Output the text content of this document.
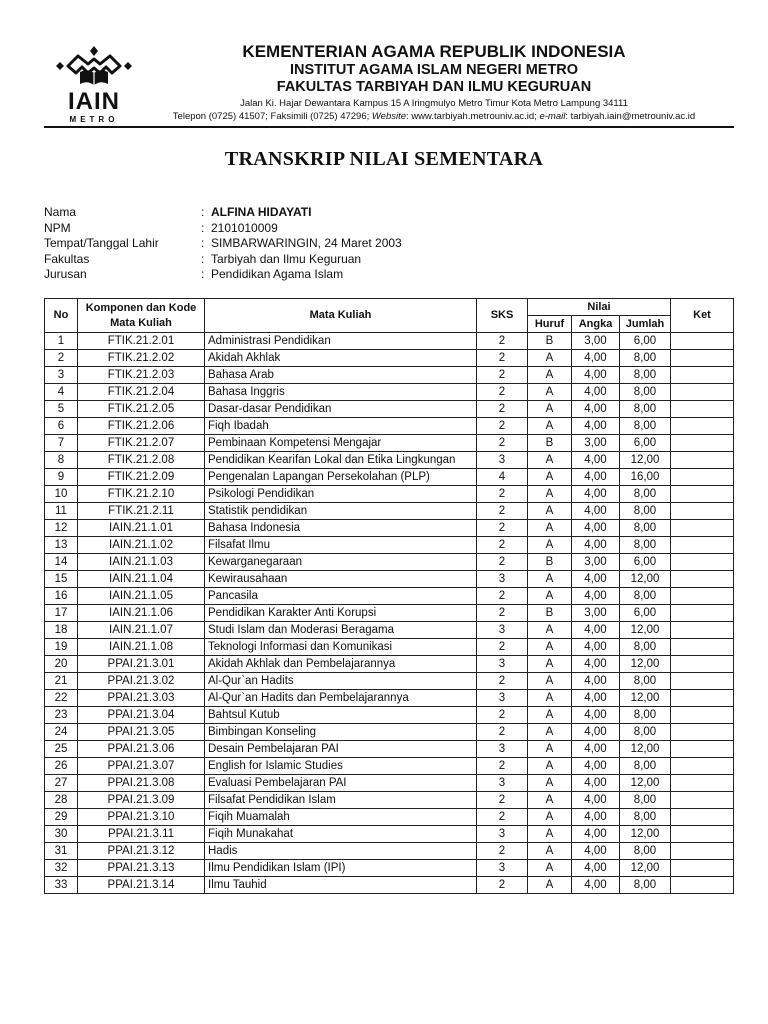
IAIN
METRO
KEMENTERIAN AGAMA REPUBLIK INDONESIA
INSTITUT AGAMA ISLAM NEGERI METRO
FAKULTAS TARBIYAH DAN ILMU KEGURUAN
Jalan Ki. Hajar Dewantara Kampus 15 A Iringmulyo Metro Timur Kota Metro Lampung 34111
Telepon (0725) 41507; Faksimili (0725) 47296; Website: www.tarbiyah.metrouniv.ac.id; e-mail: tarbiyah.iain@metrouniv.ac.id
TRANSKRIP NILAI SEMENTARA
Nama	: ALFINA HIDAYATI
NPM	: 2101010009
Tempat/Tanggal Lahir	: SIMBARWARINGIN, 24 Maret 2003
Fakultas	: Tarbiyah dan Ilmu Keguruan
Jurusan	: Pendidikan Agama Islam
No	Komponen dan Kode Mata Kuliah	Mata Kuliah	SKS	Nilai			Ket
				Huruf	Angka	Jumlah	
1	FTIK.21.2.01	Administrasi Pendidikan	2	B	3,00	6,00	
2	FTIK.21.2.02	Akidah Akhlak	2	A	4,00	8,00	
3	FTIK.21.2.03	Bahasa Arab	2	A	4,00	8,00	
4	FTIK.21.2.04	Bahasa Inggris	2	A	4,00	8,00	
5	FTIK.21.2.05	Dasar-dasar Pendidikan	2	A	4,00	8,00	
6	FTIK.21.2.06	Fiqh Ibadah	2	A	4,00	8,00	
7	FTIK.21.2.07	Pembinaan Kompetensi Mengajar	2	B	3,00	6,00	
8	FTIK.21.2.08	Pendidikan Kearifan Lokal dan Etika Lingkungan	3	A	4,00	12,00	
9	FTIK.21.2.09	Pengenalan Lapangan Persekolahan (PLP)	4	A	4,00	16,00	
10	FTIK.21.2.10	Psikologi Pendidikan	2	A	4,00	8,00	
11	FTIK.21.2.11	Statistik pendidikan	2	A	4,00	8,00	
12	IAIN.21.1.01	Bahasa Indonesia	2	A	4,00	8,00	
13	IAIN.21.1.02	Filsafat Ilmu	2	A	4,00	8,00	
14	IAIN.21.1.03	Kewarganegaraan	2	B	3,00	6,00	
15	IAIN.21.1.04	Kewirausahaan	3	A	4,00	12,00	
16	IAIN.21.1.05	Pancasila	2	A	4,00	8,00	
17	IAIN.21.1.06	Pendidikan Karakter Anti Korupsi	2	B	3,00	6,00	
18	IAIN.21.1.07	Studi Islam dan Moderasi Beragama	3	A	4,00	12,00	
19	IAIN.21.1.08	Teknologi Informasi dan Komunikasi	2	A	4,00	8,00	
20	PPAI.21.3.01	Akidah Akhlak dan Pembelajarannya	3	A	4,00	12,00	
21	PPAI.21.3.02	Al-Qur`an Hadits	2	A	4,00	8,00	
22	PPAI.21.3.03	Al-Qur`an Hadits dan Pembelajarannya	3	A	4,00	12,00	
23	PPAI.21.3.04	Bahtsul Kutub	2	A	4,00	8,00	
24	PPAI.21.3.05	Bimbingan Konseling	2	A	4,00	8,00	
25	PPAI.21.3.06	Desain Pembelajaran PAI	3	A	4,00	12,00	
26	PPAI.21.3.07	English for Islamic Studies	2	A	4,00	8,00	
27	PPAI.21.3.08	Evaluasi Pembelajaran PAI	3	A	4,00	12,00	
28	PPAI.21.3.09	Filsafat Pendidikan Islam	2	A	4,00	8,00	
29	PPAI.21.3.10	Fiqih Muamalah	2	A	4,00	8,00	
30	PPAI.21.3.11	Fiqih Munakahat	3	A	4,00	12,00	
31	PPAI.21.3.12	Hadis	2	A	4,00	8,00	
32	PPAI.21.3.13	Ilmu Pendidikan Islam (IPI)	3	A	4,00	12,00	
33	PPAI.21.3.14	Ilmu Tauhid	2	A	4,00	8,00	
